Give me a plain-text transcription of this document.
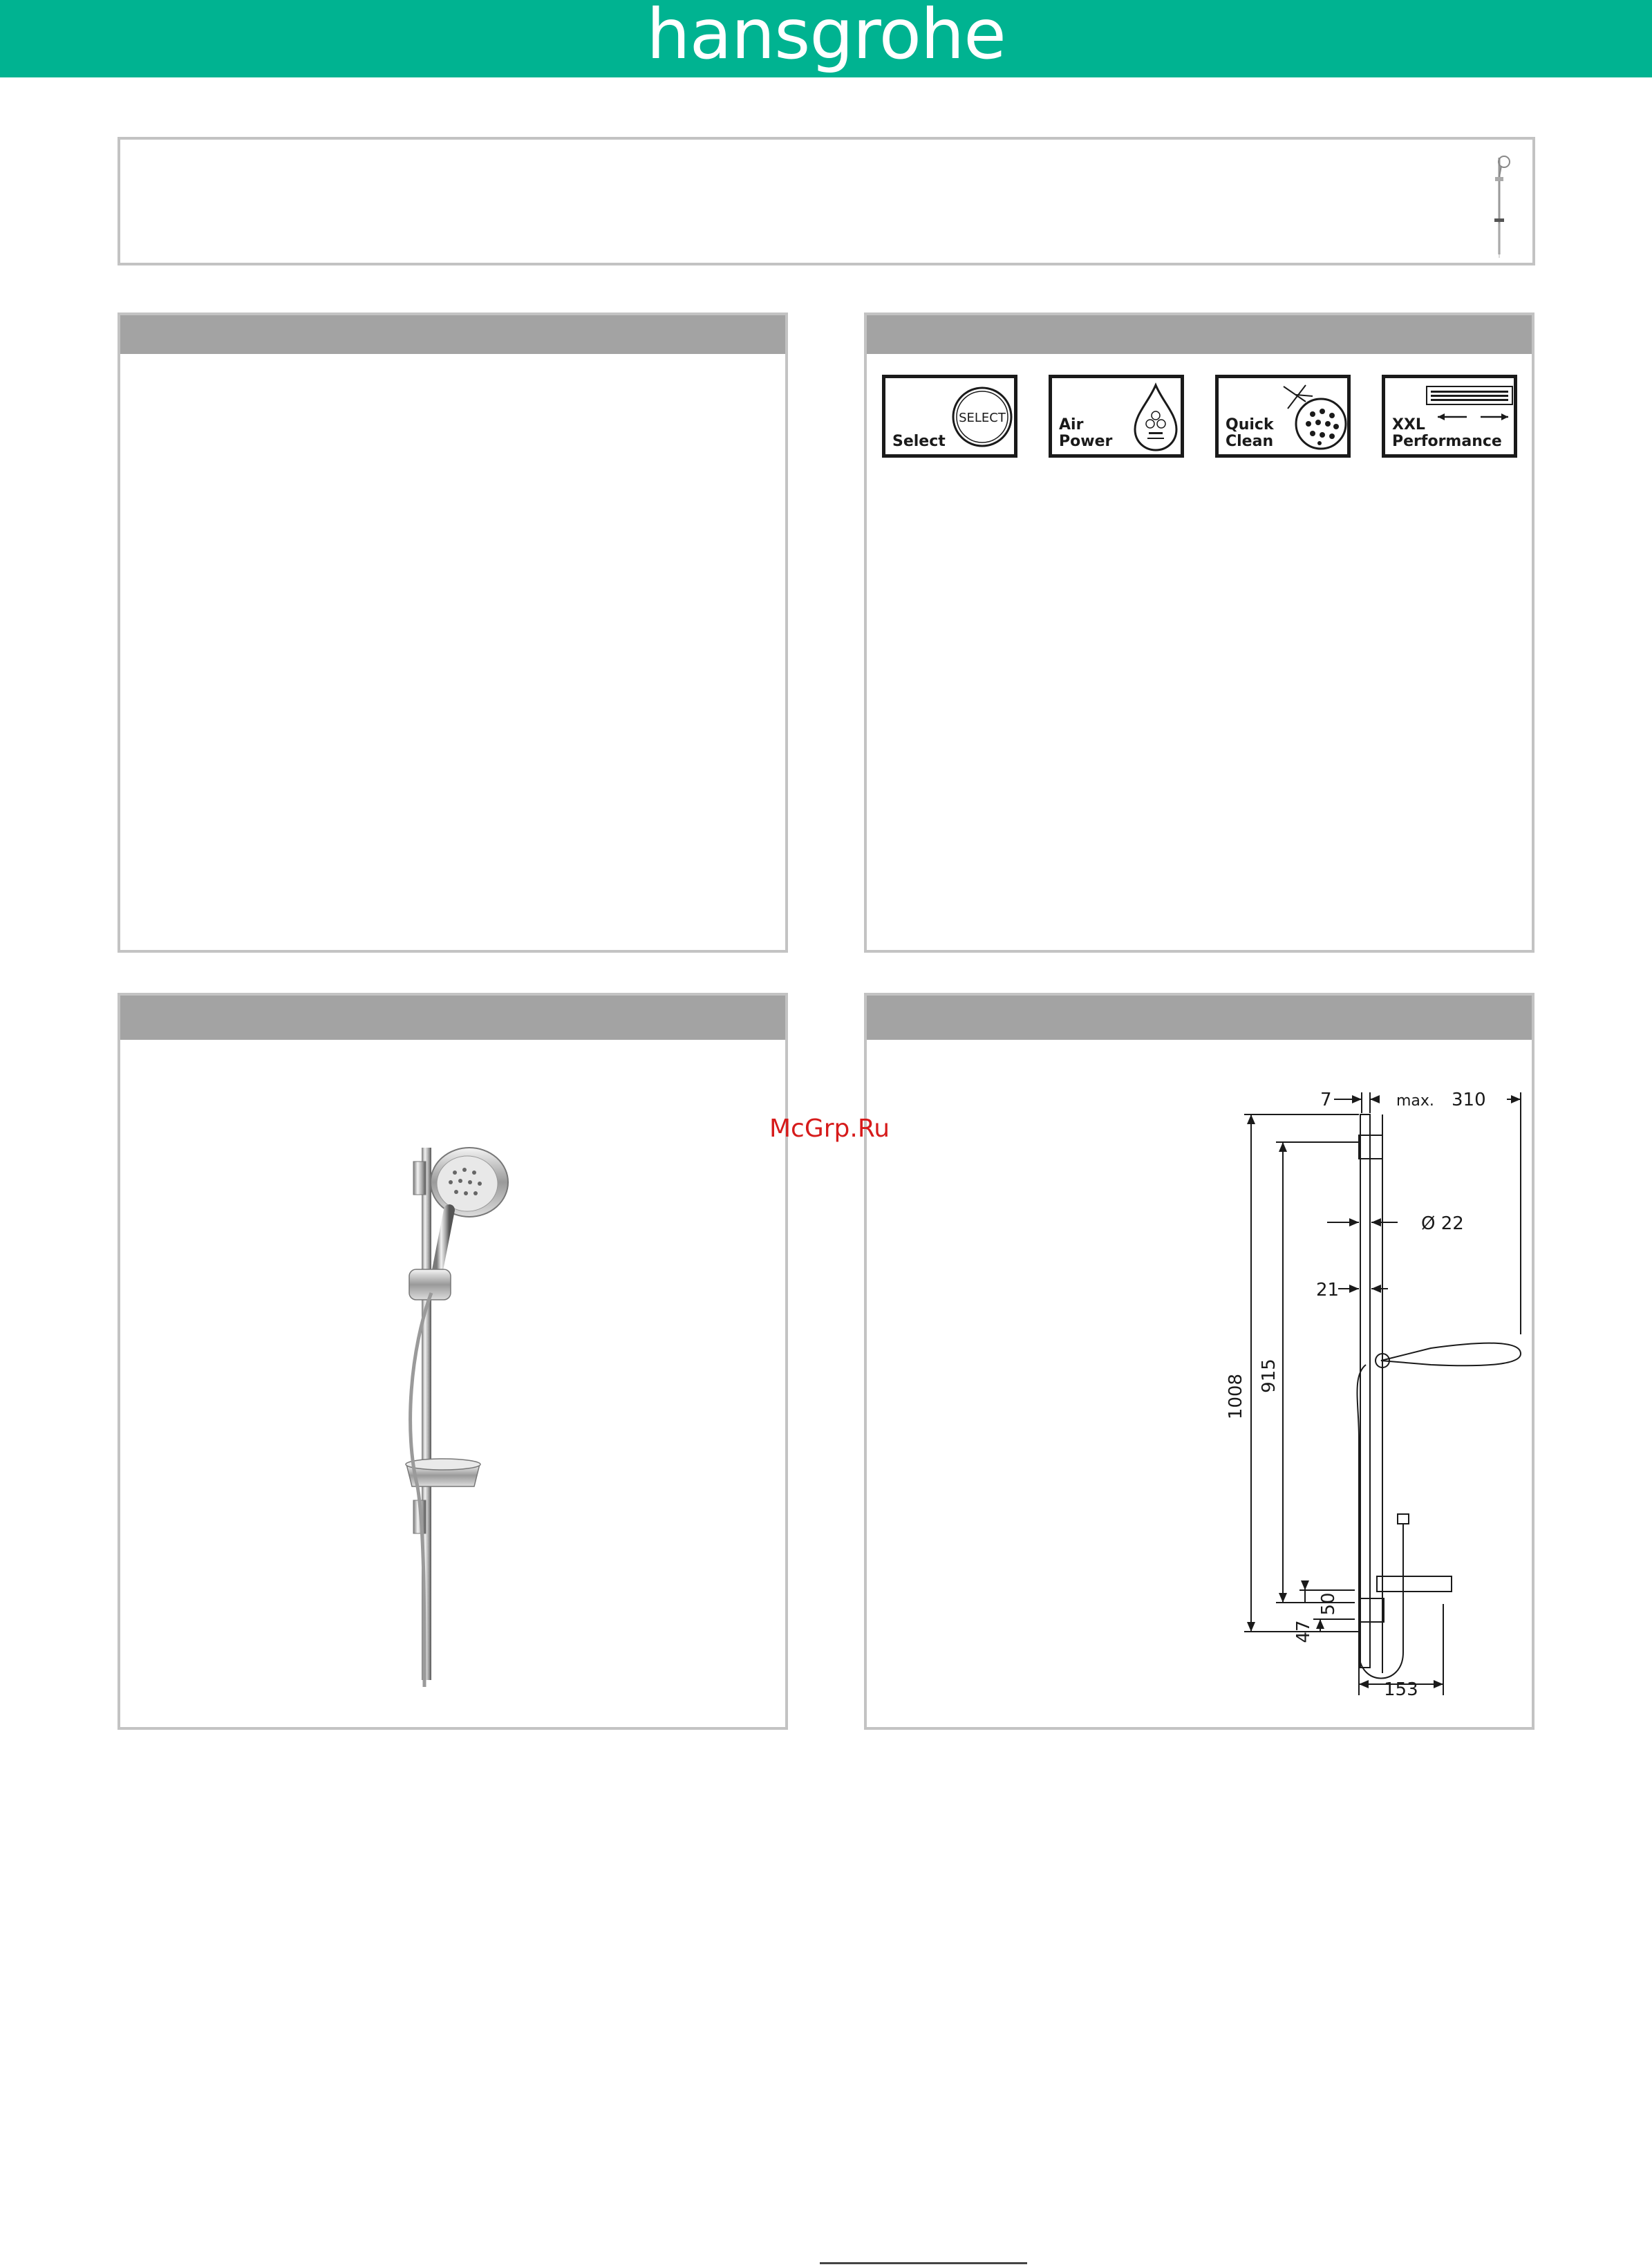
hansgrohe
SELECT
Select
Air
Power
Quick
Clean
XXL
Performance
7	max. 310
Ø 22
21
1008 915
50
47
153
McGrp.Ru
